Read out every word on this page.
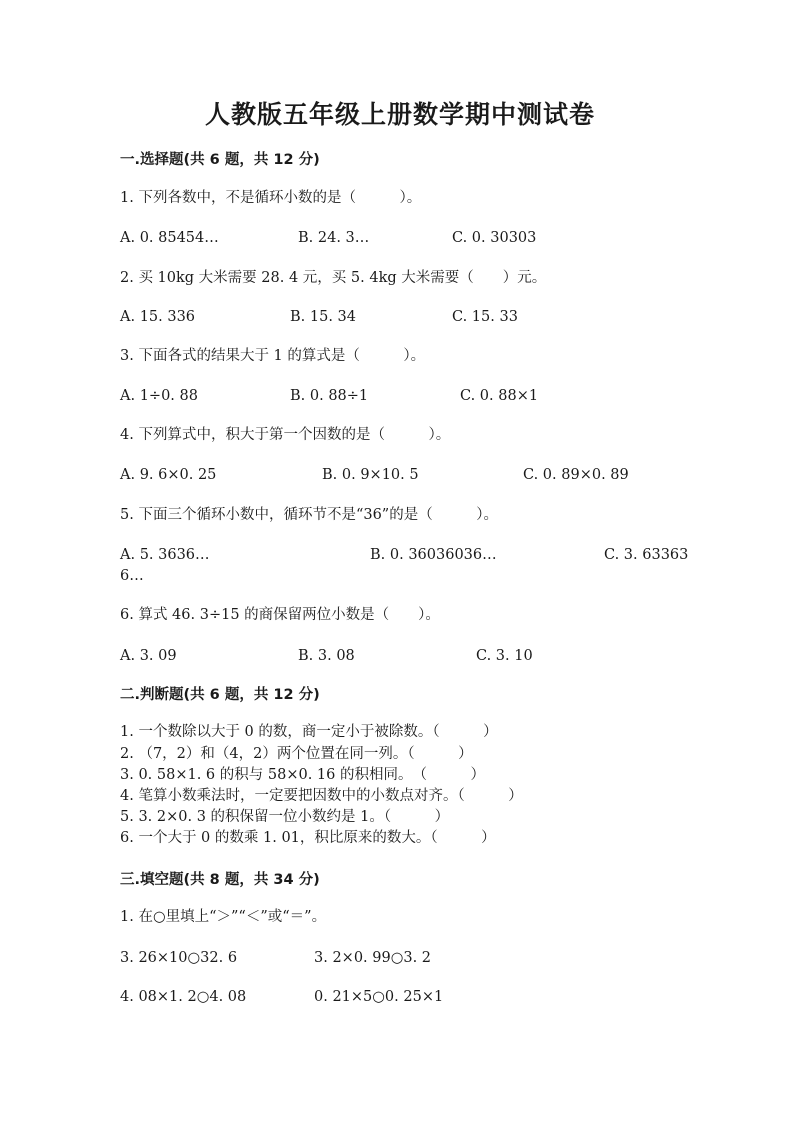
人教版五年级上册数学期中测试卷
一.选择题(共 6 题，共 12 分)
1. 下列各数中，不是循环小数的是（　　　）。
A. 0. 85454…	B. 24. 3…	C. 0. 30303
2. 买 10kg 大米需要 28. 4 元，买 5. 4kg 大米需要（　　）元。
A. 15. 336	B. 15. 34	C. 15. 33
3. 下面各式的结果大于 1 的算式是（　　　）。
A. 1÷0. 88	B. 0. 88÷1	C. 0. 88×1
4. 下列算式中，积大于第一个因数的是（　　　）。
A. 9. 6×0. 25	B. 0. 9×10. 5	C. 0. 89×0. 89
5. 下面三个循环小数中，循环节不是“36”的是（　　　）。
A. 5. 3636…	B. 0. 36036036…	C. 3. 63363
6…
6. 算式 46. 3÷15 的商保留两位小数是（　　）。
A. 3. 09	B. 3. 08	C. 3. 10
二.判断题(共 6 题，共 12 分)
1. 一个数除以大于 0 的数，商一定小于被除数。（　　　）
2. （7，2）和（4，2）两个位置在同一列。（　　　）
3. 0. 58×1. 6 的积与 58×0. 16 的积相同。　（　　　）
4. 笔算小数乘法时，一定要把因数中的小数点对齐。（　　　）
5. 3. 2×0. 3 的积保留一位小数约是 1。（　　　）
6. 一个大于 0 的数乘 1. 01，积比原来的数大。（　　　）
三.填空题(共 8 题，共 34 分)
1. 在○里填上“＞”“＜”或“＝”。
3. 26×10○32. 6	3. 2×0. 99○3. 2
4. 08×1. 2○4. 08	0. 21×5○0. 25×1
